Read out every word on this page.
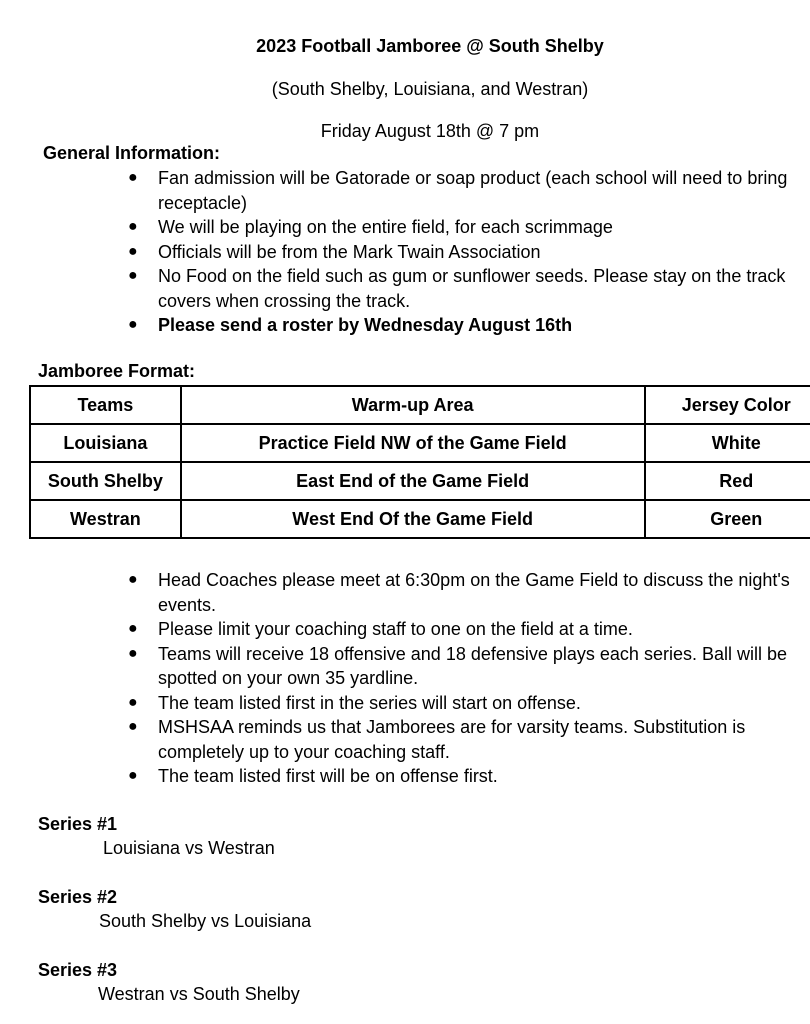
2023 Football Jamboree @ South Shelby
(South Shelby, Louisiana, and Westran)
Friday August 18th @ 7 pm
General Information:
● Fan admission will be Gatorade or soap product (each school will need to bring receptacle)
● We will be playing on the entire field, for each scrimmage
● Officials will be from the Mark Twain Association
● No Food on the field such as gum or sunflower seeds. Please stay on the track covers when crossing the track.
● Please send a roster by Wednesday August 16th
Jamboree Format:
Teams	Warm-up Area	Jersey Color
Louisiana	Practice Field NW of the Game Field	White
South Shelby	East End of the Game Field	Red
Westran	West End Of the Game Field	Green
● Head Coaches please meet at 6:30pm on the Game Field to discuss the night's events.
● Please limit your coaching staff to one on the field at a time.
● Teams will receive 18 offensive and 18 defensive plays each series. Ball will be spotted on your own 35 yardline.
● The team listed first in the series will start on offense.
● MSHSAA reminds us that Jamborees are for varsity teams. Substitution is completely up to your coaching staff.
● The team listed first will be on offense first.
Series #1
Louisiana vs Westran
Series #2
South Shelby vs Louisiana
Series #3
Westran vs South Shelby
